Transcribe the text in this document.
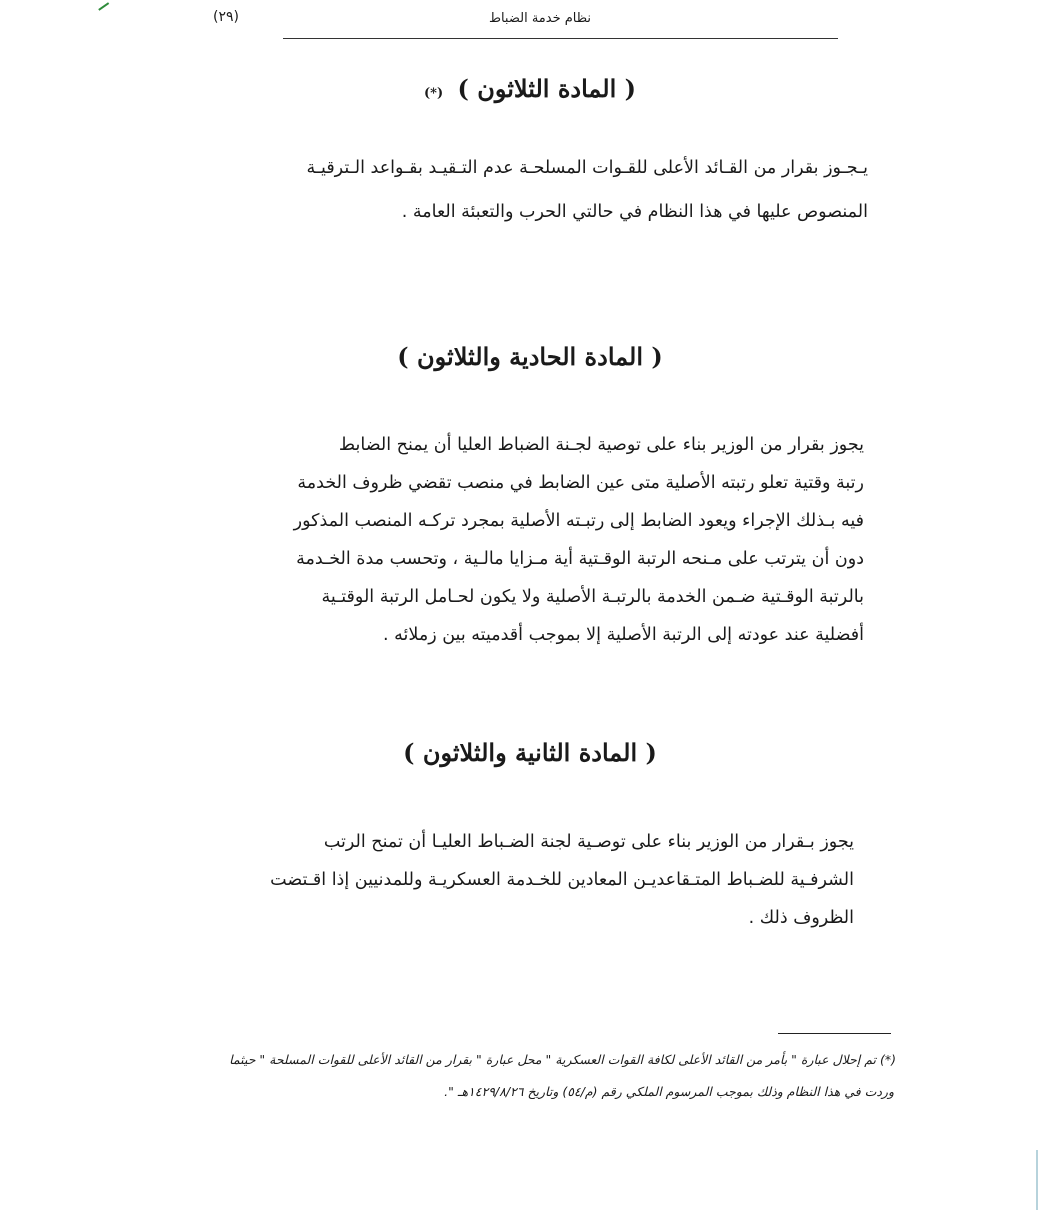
نظام خدمة الضباط
(٢٩)
( المادة الثلاثون ) (*)
يـجـوز بقرار من القـائد الأعلى للقـوات المسلحـة عدم التـقيـد بقـواعد الـترقيـة
المنصوص عليها في هذا النظام في حالتي الحرب والتعبئة العامة .
( المادة الحادية والثلاثون )
يجوز بقرار من الوزير بناء على توصية لجـنة الضباط العليا أن يمنح الضابط
رتبة وقتية تعلو رتبته الأصلية متى عين الضابط في منصب تقضي ظروف الخدمة
فيه بـذلك الإجراء ويعود الضابط إلى رتبـته الأصلية بمجرد تركـه المنصب المذكور
دون أن يترتب على مـنحه الرتبة الوقـتية أية مـزايا مالـية ، وتحسب مدة الخـدمة
بالرتبة الوقـتية ضـمن الخدمة بالرتبـة الأصلية ولا يكون لحـامل الرتبة الوقتـية
أفضلية عند عودته إلى الرتبة الأصلية إلا بموجب أقدميته بين زملائه .
( المادة الثانية والثلاثون )
يجوز بـقرار من الوزير بناء على توصـية لجنة الضـباط العليـا أن تمنح الرتب
الشرفـية للضـباط المتـقاعديـن المعادين للخـدمة العسكريـة وللمدنيين إذا اقـتضت
الظروف ذلك .
(*) تم إحلال عبارة " بأمر من القائد الأعلى لكافة القوات العسكرية " محل عبارة " بقرار من القائد الأعلى للقوات المسلحة " حيثما
وردت في هذا النظام وذلك بموجب المرسوم الملكي رقم (م/٥٤) وتاريخ ١٤٢٩/٨/٢٦هـ ".
